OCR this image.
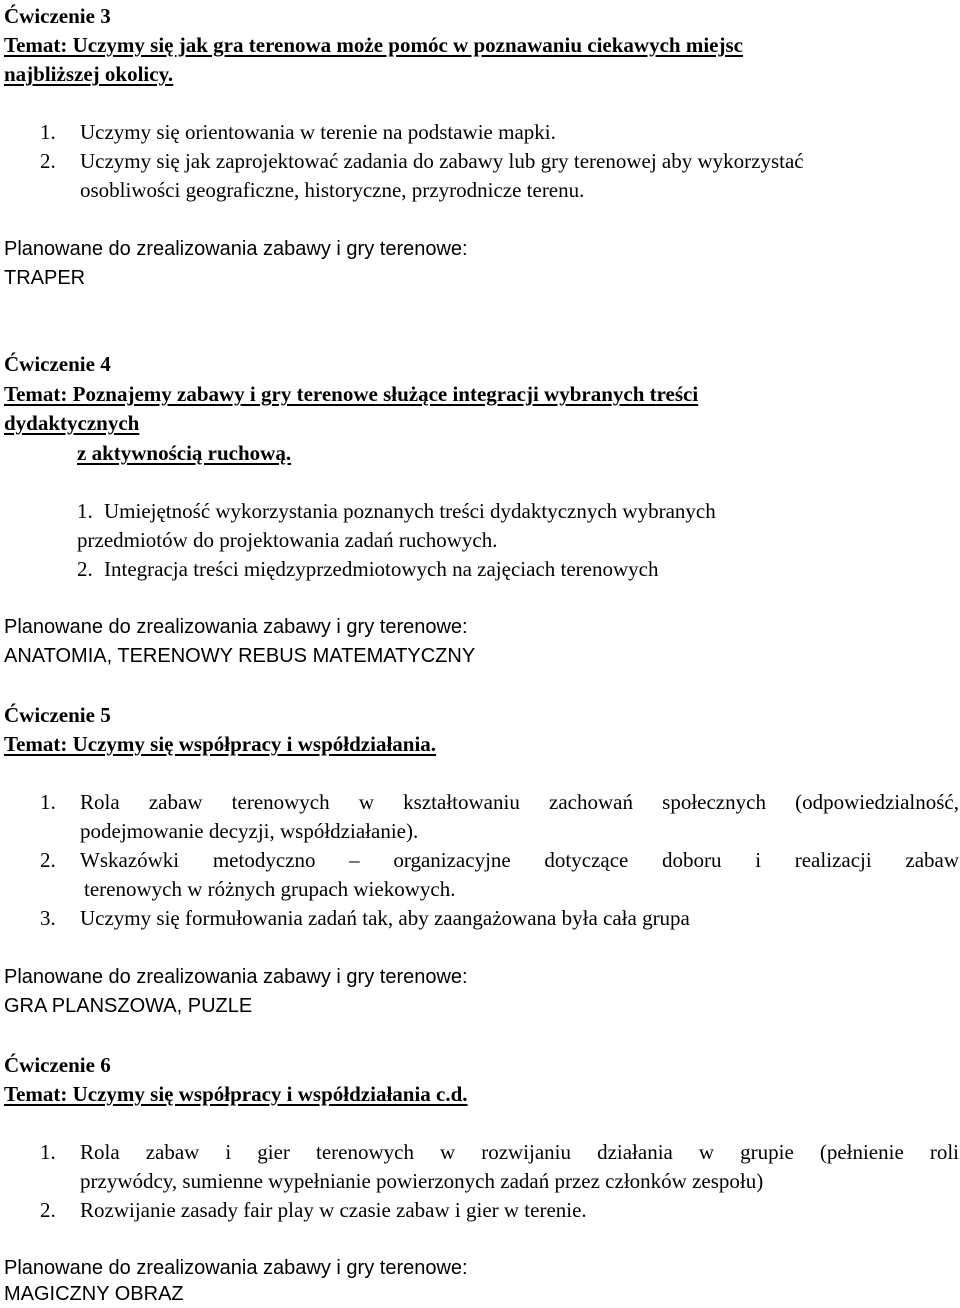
Ćwiczenie 3
Temat: Uczymy się jak gra terenowa może pomóc w poznawaniu ciekawych miejsc
najbliższej okolicy.
1. Uczymy się orientowania w terenie na podstawie mapki.
2. Uczymy się jak zaprojektować zadania do zabawy lub gry terenowej aby wykorzystać
osobliwości geograficzne, historyczne, przyrodnicze terenu.
Planowane do zrealizowania zabawy i gry terenowe:
TRAPER
Ćwiczenie 4
Temat: Poznajemy zabawy i gry terenowe służące integracji wybranych treści
dydaktycznych
z aktywnością ruchową.
1. Umiejętność wykorzystania poznanych treści dydaktycznych wybranych
przedmiotów do projektowania zadań ruchowych.
2. Integracja treści międzyprzedmiotowych na zajęciach terenowych
Planowane do zrealizowania zabawy i gry terenowe:
ANATOMIA, TERENOWY REBUS MATEMATYCZNY
Ćwiczenie 5
Temat: Uczymy się współpracy i współdziałania.
1. Rola zabaw terenowych w kształtowaniu zachowań społecznych (odpowiedzialność,
podejmowanie decyzji, współdziałanie).
2. Wskazówki metodyczno – organizacyjne dotyczące doboru i realizacji zabaw
terenowych w różnych grupach wiekowych.
3. Uczymy się formułowania zadań tak, aby zaangażowana była cała grupa
Planowane do zrealizowania zabawy i gry terenowe:
GRA PLANSZOWA, PUZLE
Ćwiczenie 6
Temat: Uczymy się współpracy i współdziałania c.d.
1. Rola zabaw i gier terenowych w rozwijaniu działania w grupie (pełnienie roli
przywódcy, sumienne wypełnianie powierzonych zadań przez członków zespołu)
2. Rozwijanie zasady fair play w czasie zabaw i gier w terenie.
Planowane do zrealizowania zabawy i gry terenowe:
MAGICZNY OBRAZ
